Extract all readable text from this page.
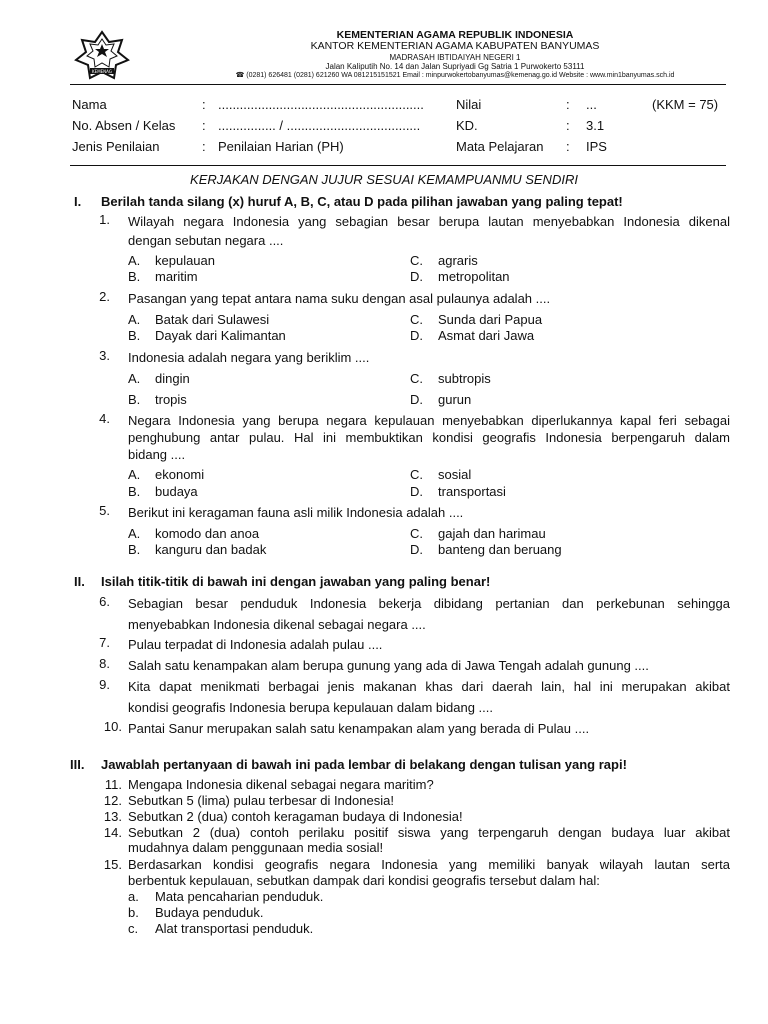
KEMENAG
KEMENTERIAN AGAMA REPUBLIK INDONESIA
KANTOR KEMENTERIAN AGAMA KABUPATEN BANYUMAS
MADRASAH IBTIDAIYAH NEGERI 1
Jalan Kaliputih No. 14 dan Jalan Supriyadi Gg Satria 1 Purwokerto 53111
☎ (0281) 626481 (0281) 621260 WA 081215151521 Email : minpurwokertobanyumas@kemenag.go.id Website : www.min1banyumas.sch.id
Nama	: ......................................................... Nilai	: ...	(KKM = 75)
No. Absen / Kelas : ................ / .....................................	KD.	: 3.1
Jenis Penilaian	: Penilaian Harian (PH)	Mata Pelajaran : IPS
KERJAKAN DENGAN JUJUR SESUAI KEMAMPUANMU SENDIRI
I. Berilah tanda silang (x) huruf A, B, C, atau D pada pilihan jawaban yang paling tepat!
1. Wilayah negara Indonesia yang sebagian besar berupa lautan menyebabkan Indonesia dikenal
dengan sebutan negara ....
A. kepulauan	C. agraris
B. maritim	D. metropolitan
2. Pasangan yang tepat antara nama suku dengan asal pulaunya adalah ....
A. Batak dari Sulawesi	C. Sunda dari Papua
B. Dayak dari Kalimantan	D. Asmat dari Jawa
3. Indonesia adalah negara yang beriklim ....
A. dingin	C. subtropis
B. tropis	D. gurun
4. Negara Indonesia yang berupa negara kepulauan menyebabkan diperlukannya kapal feri sebagai
penghubung antar pulau. Hal ini membuktikan kondisi geografis Indonesia berpengaruh dalam
bidang ....
A. ekonomi	C. sosial
B. budaya	D. transportasi
5. Berikut ini keragaman fauna asli milik Indonesia adalah ....
A. komodo dan anoa	C. gajah dan harimau
B. kanguru dan badak	D. banteng dan beruang
II. Isilah titik-titik di bawah ini dengan jawaban yang paling benar!
6. Sebagian besar penduduk Indonesia bekerja dibidang pertanian dan perkebunan sehingga
menyebabkan Indonesia dikenal sebagai negara ....
7. Pulau terpadat di Indonesia adalah pulau ....
8. Salah satu kenampakan alam berupa gunung yang ada di Jawa Tengah adalah gunung ....
9. Kita dapat menikmati berbagai jenis makanan khas dari daerah lain, hal ini merupakan akibat
kondisi geografis Indonesia berupa kepulauan dalam bidang ....
10. Pantai Sanur merupakan salah satu kenampakan alam yang berada di Pulau ....
III. Jawablah pertanyaan di bawah ini pada lembar di belakang dengan tulisan yang rapi!
11. Mengapa Indonesia dikenal sebagai negara maritim?
12. Sebutkan 5 (lima) pulau terbesar di Indonesia!
13. Sebutkan 2 (dua) contoh keragaman budaya di Indonesia!
14. Sebutkan 2 (dua) contoh perilaku positif siswa yang terpengaruh dengan budaya luar akibat
mudahnya dalam penggunaan media sosial!
15. Berdasarkan kondisi geografis negara Indonesia yang memiliki banyak wilayah lautan serta
berbentuk kepulauan, sebutkan dampak dari kondisi geografis tersebut dalam hal:
a. Mata pencaharian penduduk.
b. Budaya penduduk.
c. Alat transportasi penduduk.
